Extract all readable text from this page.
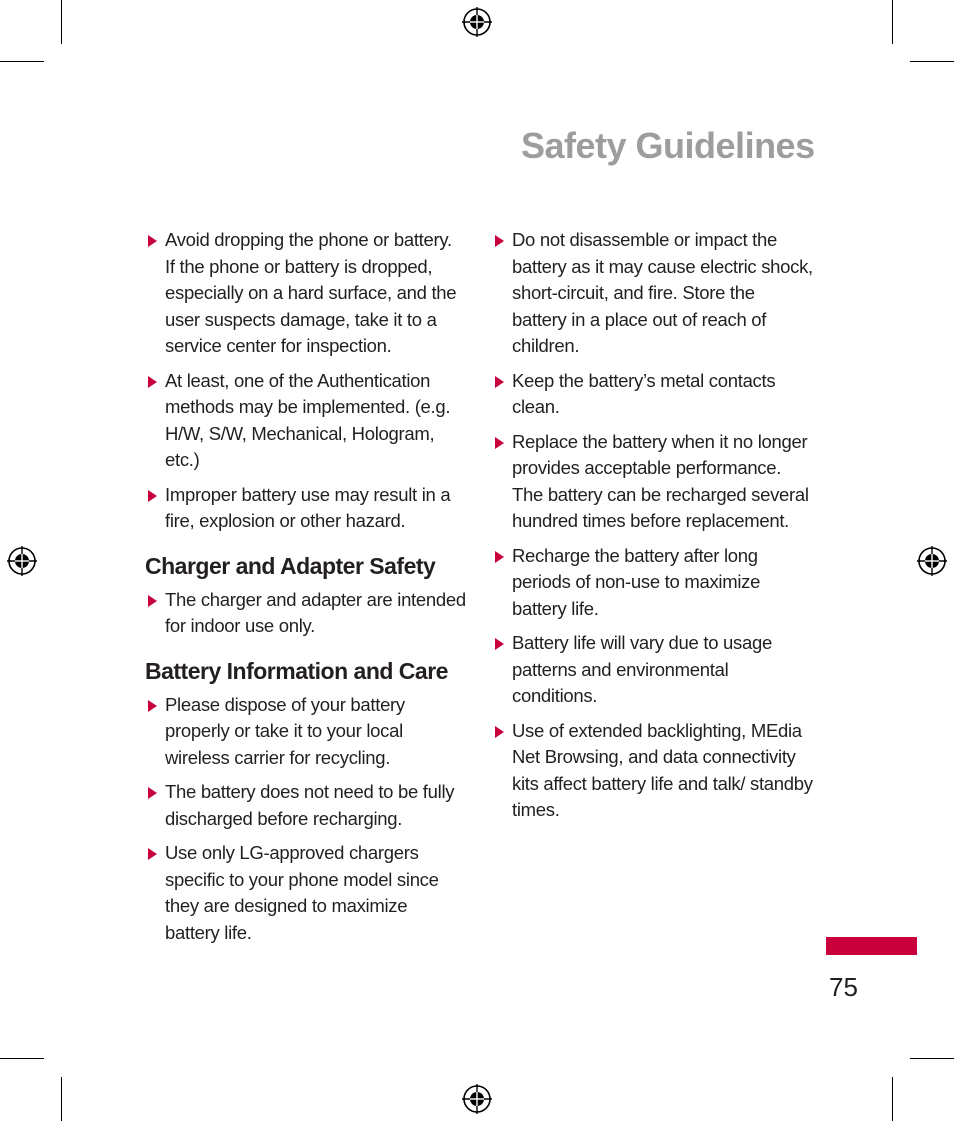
Safety Guidelines
Avoid dropping the phone or battery. If the phone or battery is dropped, especially on a hard surface, and the user suspects damage, take it to a service center for inspection.
At least, one of the Authentication methods may be implemented. (e.g. H/W, S/W, Mechanical, Hologram, etc.)
Improper battery use may result in a fire, explosion or other hazard.
Charger and Adapter Safety
The charger and adapter are intended for indoor use only.
Battery Information and Care
Please dispose of your battery properly or take it to your local wireless carrier for recycling.
The battery does not need to be fully discharged before recharging.
Use only LG-approved chargers specific to your phone model since they are designed to maximize battery life.
Do not disassemble or impact the battery as it may cause electric shock, short-circuit, and fire. Store the battery in a place out of reach of children.
Keep the battery’s metal contacts clean.
Replace the battery when it no longer provides acceptable performance. The battery can be recharged several hundred times before replacement.
Recharge the battery after long periods of non-use to maximize battery life.
Battery life will vary due to usage patterns and environmental conditions.
Use of extended backlighting, MEdia Net Browsing, and data connectivity kits affect battery life and talk/ standby times.
75
